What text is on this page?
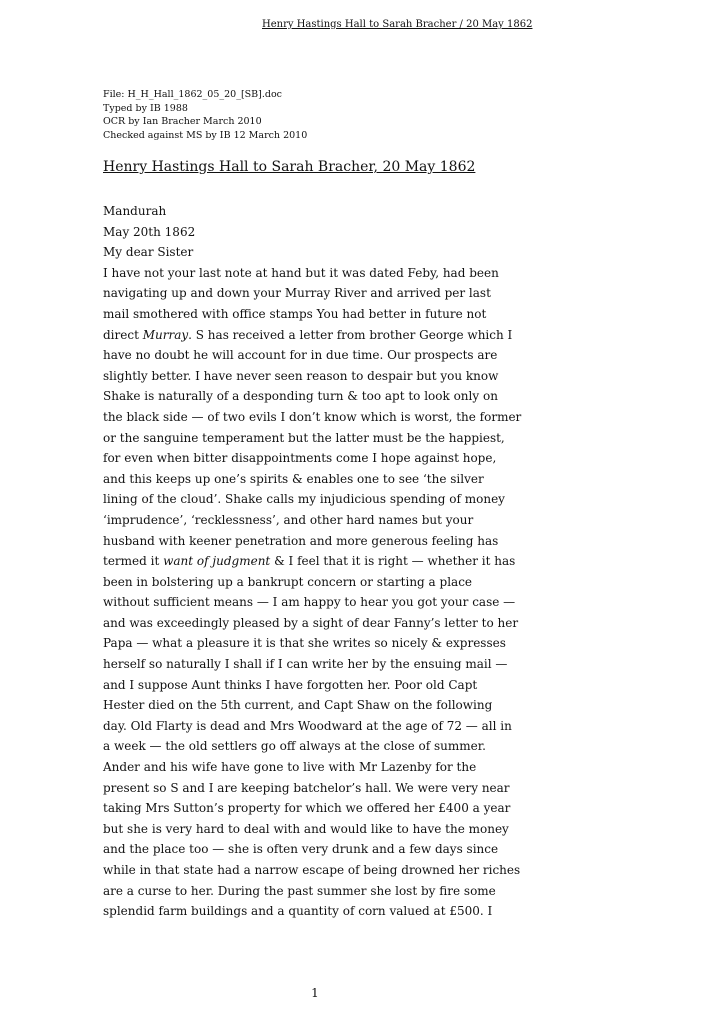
Henry Hastings Hall to Sarah Bracher / 20 May 1862
File: H_H_Hall_1862_05_20_[SB].doc
Typed by IB 1988
OCR by Ian Bracher March 2010
Checked against MS by IB 12 March 2010
Henry Hastings Hall to Sarah Bracher, 20 May 1862
Mandurah
May 20th 1862
My dear Sister
I have not your last note at hand but it was dated Feby, had been
navigating up and down your Murray River and arrived per last
mail smothered with office stamps You had better in future not
direct Murray. S has received a letter from brother George which I
have no doubt he will account for in due time. Our prospects are
slightly better. I have never seen reason to despair but you know
Shake is naturally of a desponding turn & too apt to look only on
the black side — of two evils I don’t know which is worst, the former
or the sanguine temperament but the latter must be the happiest,
for even when bitter disappointments come I hope against hope,
and this keeps up one’s spirits & enables one to see ‘the silver
lining of the cloud’. Shake calls my injudicious spending of money
‘imprudence’, ‘recklessness’, and other hard names but your
husband with keener penetration and more generous feeling has
termed it want of judgment & I feel that it is right — whether it has
been in bolstering up a bankrupt concern or starting a place
without sufficient means — I am happy to hear you got your case —
and was exceedingly pleased by a sight of dear Fanny’s letter to her
Papa — what a pleasure it is that she writes so nicely & expresses
herself so naturally I shall if I can write her by the ensuing mail —
and I suppose Aunt thinks I have forgotten her. Poor old Capt
Hester died on the 5th current, and Capt Shaw on the following
day. Old Flarty is dead and Mrs Woodward at the age of 72 — all in
a week — the old settlers go off always at the close of summer.
Ander and his wife have gone to live with Mr Lazenby for the
present so S and I are keeping batchelor’s hall. We were very near
taking Mrs Sutton’s property for which we offered her £400 a year
but she is very hard to deal with and would like to have the money
and the place too — she is often very drunk and a few days since
while in that state had a narrow escape of being drowned her riches
are a curse to her. During the past summer she lost by fire some
splendid farm buildings and a quantity of corn valued at £500. I
1
